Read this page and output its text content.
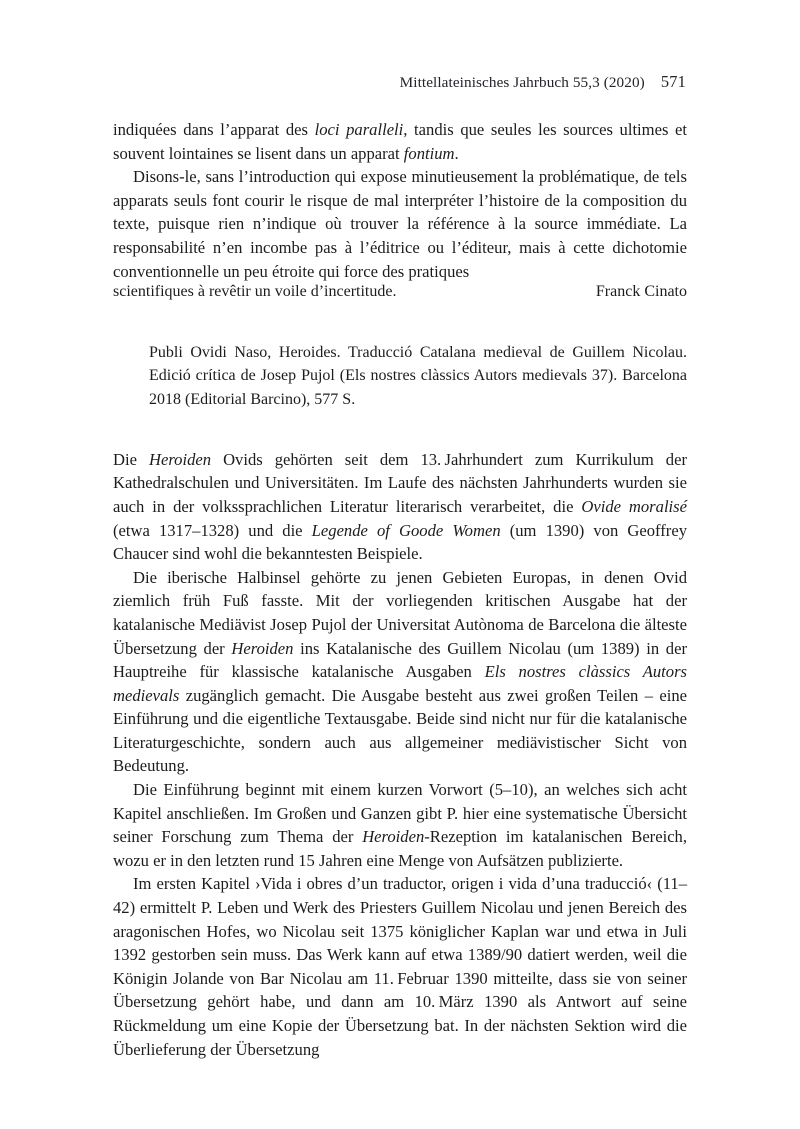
Mittellateinisches Jahrbuch 55,3 (2020) 571

indiquées dans l’apparat des loci paralleli, tandis que seules les sources ultimes et souvent lointaines se lisent dans un apparat fontium.

Disons-le, sans l’introduction qui expose minutieusement la problématique, de tels apparats seuls font courir le risque de mal interpréter l’histoire de la composition du texte, puisque rien n’indique où trouver la référence à la source immédiate. La responsabilité n’en incombe pas à l’éditrice ou l’éditeur, mais à cette dichotomie conventionnelle un peu étroite qui force des pratiques

scientifiques à revêtir un voile d’incertitude.	Franck Cinato

Publi Ovidi Naso, Heroides. Traducció Catalana medieval de Guillem Nicolau. Edició crítica de Josep Pujol (Els nostres clàssics Autors medievals 37). Barcelona 2018 (Editorial Barcino), 577 S.

Die Heroiden Ovids gehörten seit dem 13. Jahrhundert zum Kurrikulum der Kathedralschulen und Universitäten. Im Laufe des nächsten Jahrhunderts wurden sie auch in der volkssprachlichen Literatur literarisch verarbeitet, die Ovide moralisé (etwa 1317–1328) und die Legende of Goode Women (um 1390) von Geoffrey Chaucer sind wohl die bekanntesten Beispiele.

Die iberische Halbinsel gehörte zu jenen Gebieten Europas, in denen Ovid ziemlich früh Fuß fasste. Mit der vorliegenden kritischen Ausgabe hat der katalanische Mediävist Josep Pujol der Universitat Autònoma de Barcelona die älteste Übersetzung der Heroiden ins Katalanische des Guillem Nicolau (um 1389) in der Hauptreihe für klassische katalanische Ausgaben Els nostres clàssics Autors medievals zugänglich gemacht. Die Ausgabe besteht aus zwei großen Teilen – eine Einführung und die eigentliche Textausgabe. Beide sind nicht nur für die katalanische Literaturgeschichte, sondern auch aus allgemeiner mediävistischer Sicht von Bedeutung.

Die Einführung beginnt mit einem kurzen Vorwort (5–10), an welches sich acht Kapitel anschließen. Im Großen und Ganzen gibt P. hier eine systematische Übersicht seiner Forschung zum Thema der Heroiden-Rezeption im katalanischen Bereich, wozu er in den letzten rund 15 Jahren eine Menge von Aufsätzen publizierte.

Im ersten Kapitel ›Vida i obres d’un traductor, origen i vida d’una traducció‹ (11–42) ermittelt P. Leben und Werk des Priesters Guillem Nicolau und jenen Bereich des aragonischen Hofes, wo Nicolau seit 1375 königlicher Kaplan war und etwa in Juli 1392 gestorben sein muss. Das Werk kann auf etwa 1389/90 datiert werden, weil die Königin Jolande von Bar Nicolau am 11. Februar 1390 mitteilte, dass sie von seiner Übersetzung gehört habe, und dann am 10. März 1390 als Antwort auf seine Rückmeldung um eine Kopie der Übersetzung bat. In der nächsten Sektion wird die Überlieferung der Übersetzung
